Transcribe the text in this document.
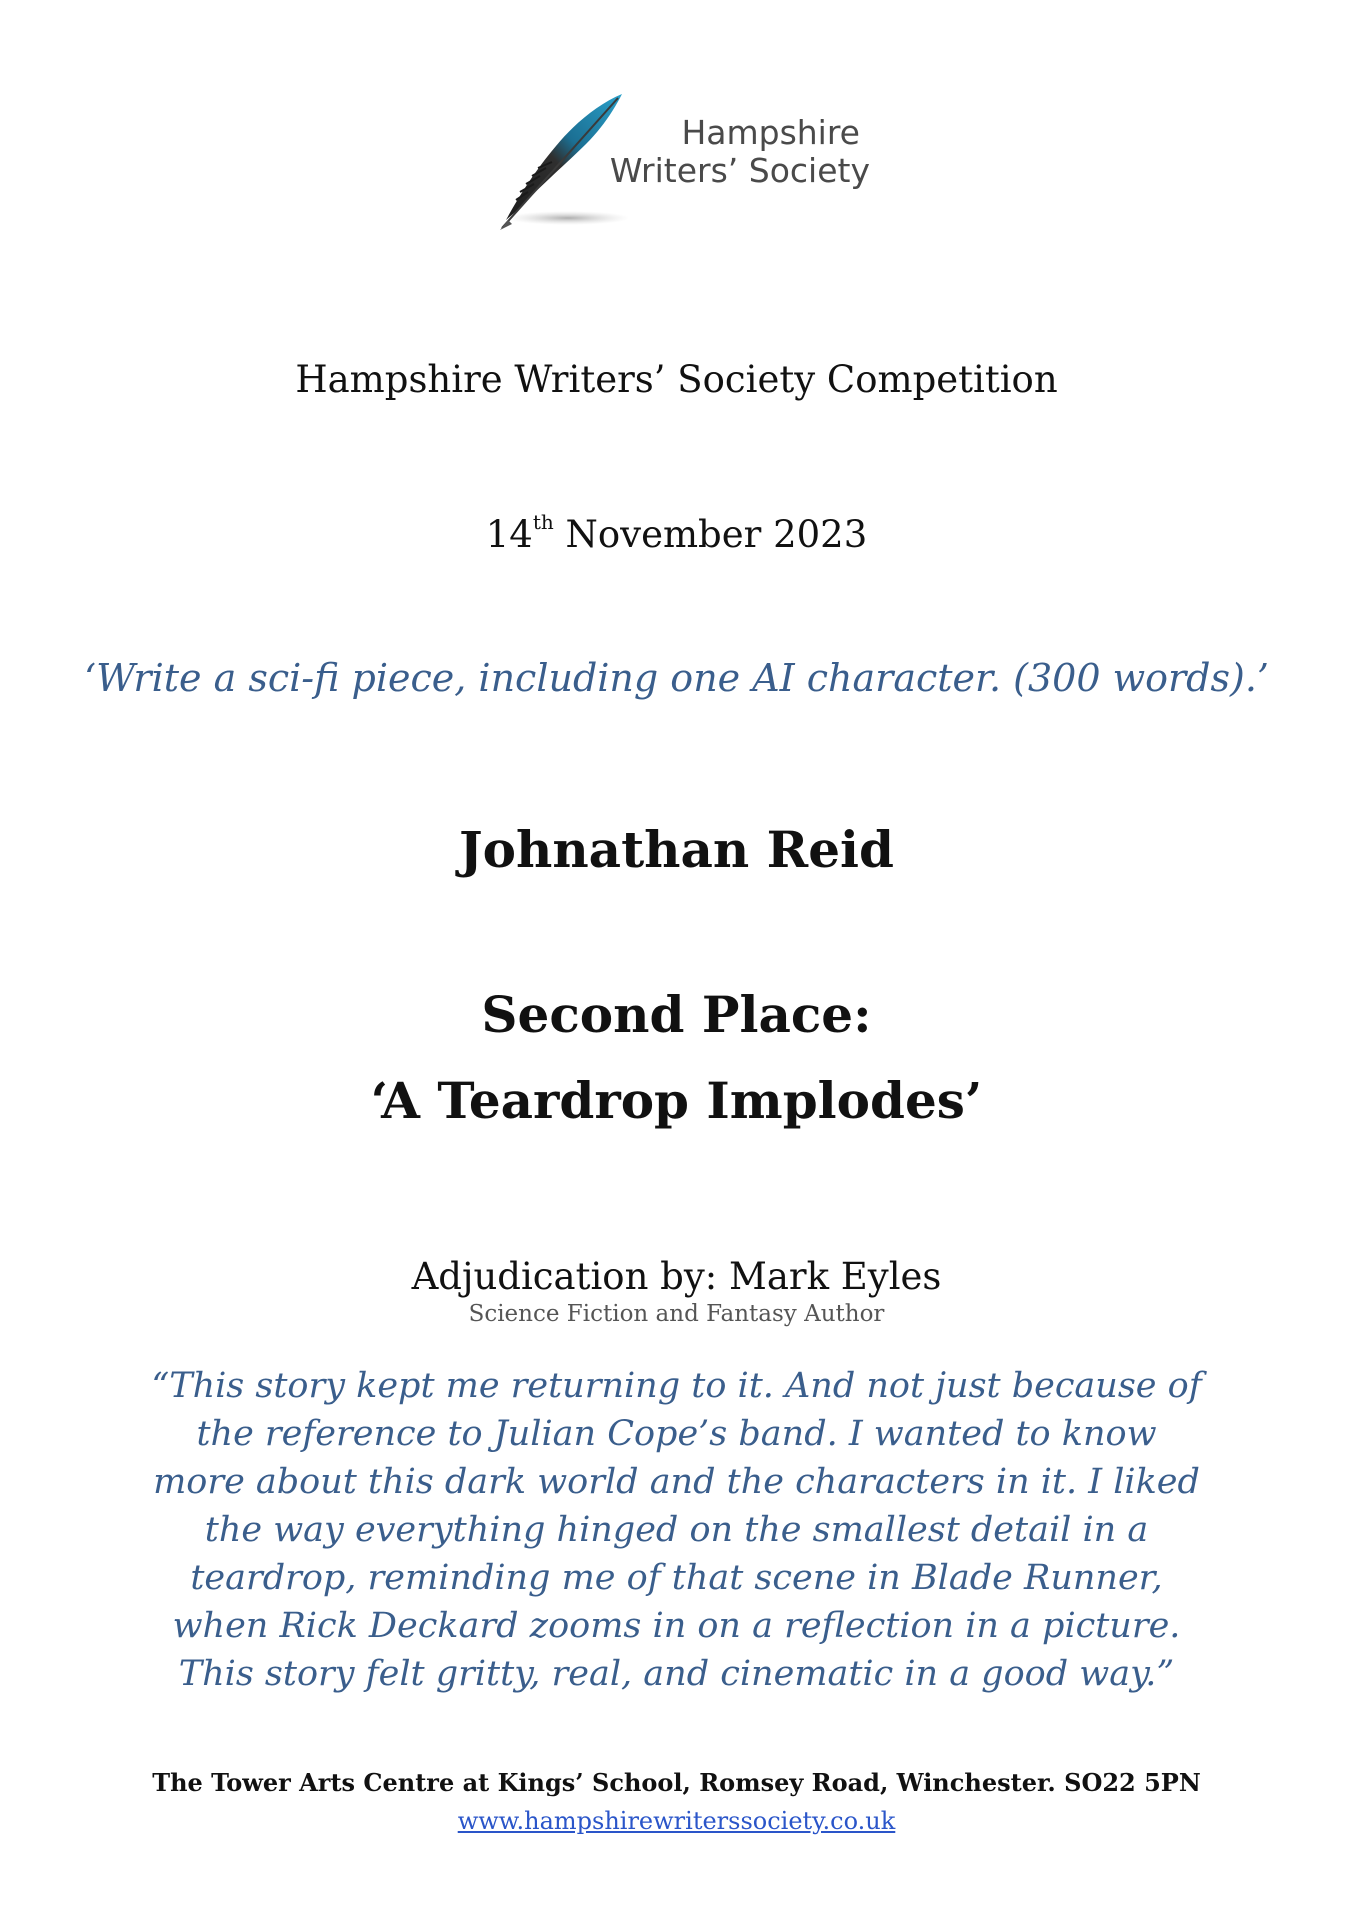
Hampshire
Writers’ Society
Hampshire Writers’ Society Competition
14th November 2023
‘Write a sci-fi piece, including one AI character. (300 words).’
Johnathan Reid
Second Place:
‘A Teardrop Implodes’
Adjudication by: Mark Eyles
Science Fiction and Fantasy Author
“This story kept me returning to it. And not just because of the reference to Julian Cope’s band. I wanted to know more about this dark world and the characters in it. I liked the way everything hinged on the smallest detail in a teardrop, reminding me of that scene in Blade Runner, when Rick Deckard zooms in on a reflection in a picture. This story felt gritty, real, and cinematic in a good way.”
The Tower Arts Centre at Kings’ School, Romsey Road, Winchester. SO22 5PN
www.hampshirewriterssociety.co.uk
